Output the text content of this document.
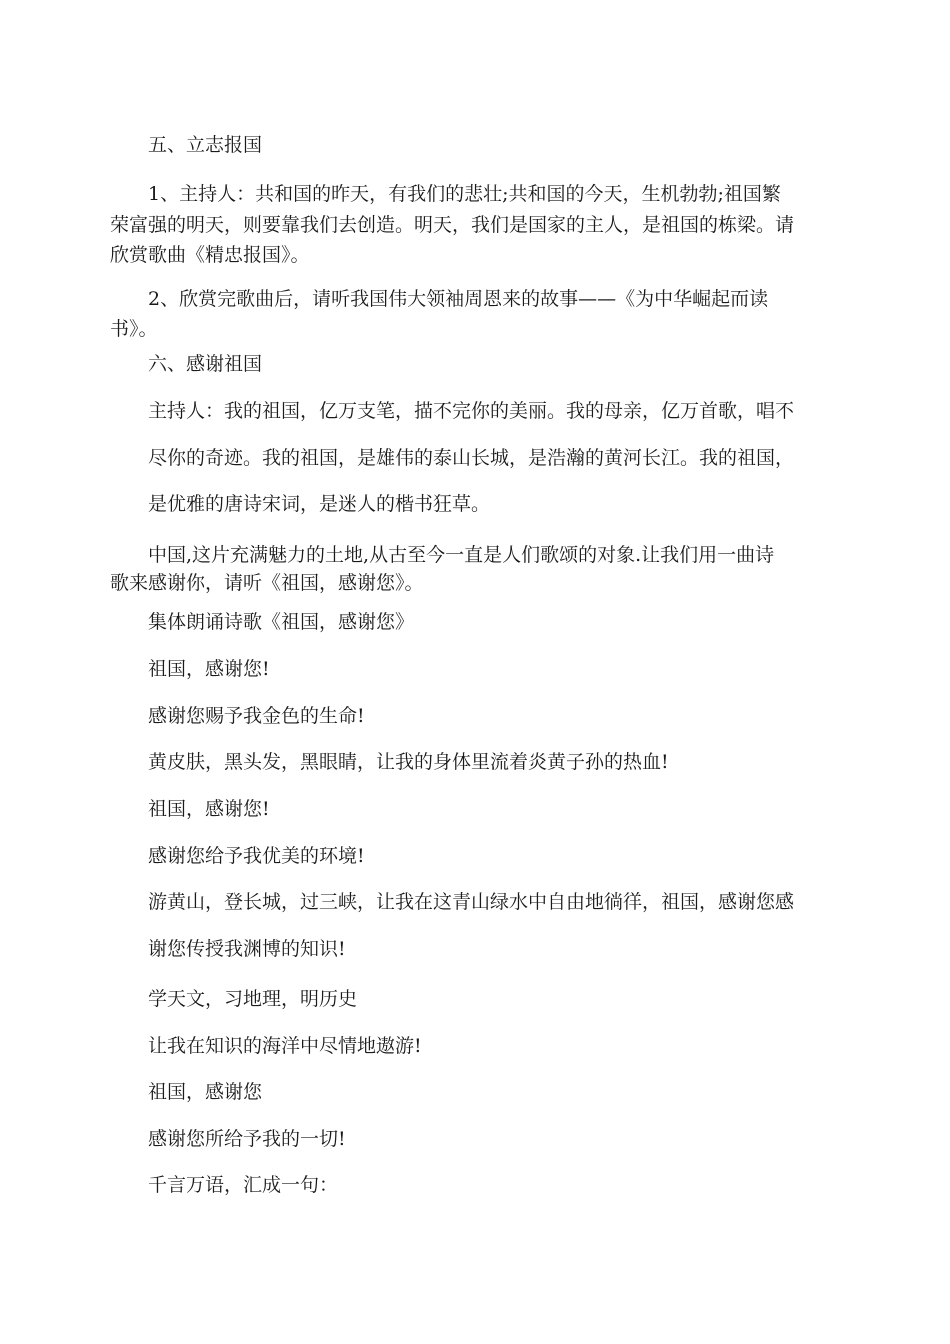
五、立志报国
1、主持人：共和国的昨天，有我们的悲壮;共和国的今天，生机勃勃;祖国繁
荣富强的明天，则要靠我们去创造。明天，我们是国家的主人，是祖国的栋梁。请
欣赏歌曲《精忠报国》。
2、欣赏完歌曲后，请听我国伟大领袖周恩来的故事——《为中华崛起而读
书》。
六、感谢祖国
主持人：我的祖国，亿万支笔，描不完你的美丽。我的母亲，亿万首歌，唱不
尽你的奇迹。我的祖国，是雄伟的泰山长城，是浩瀚的黄河长江。我的祖国，
是优雅的唐诗宋词，是迷人的楷书狂草。
中国,这片充满魅力的土地,从古至今一直是人们歌颂的对象.让我们用一曲诗
歌来感谢你，请听《祖国，感谢您》。
集体朗诵诗歌《祖国，感谢您》
祖国，感谢您!
感谢您赐予我金色的生命!
黄皮肤，黑头发，黑眼睛，让我的身体里流着炎黄子孙的热血!
祖国，感谢您!
感谢您给予我优美的环境!
游黄山，登长城，过三峡，让我在这青山绿水中自由地徜徉，祖国，感谢您感
谢您传授我渊博的知识!
学天文，习地理，明历史
让我在知识的海洋中尽情地遨游!
祖国，感谢您
感谢您所给予我的一切!
千言万语，汇成一句：
